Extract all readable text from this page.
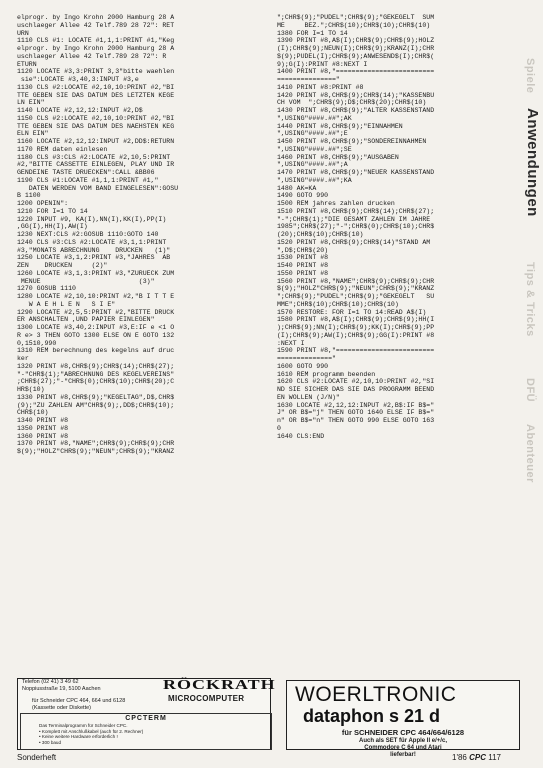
elprogr. by Ingo Krohn 2000 Hamburg 28 A
uschlaeger Allee 42 Telf.789 28 72": RET
URN
1110 CLS #1: LOCATE #1,1,1:PRINT #1,"Keg
elprogr. by Ingo Krohn 2000 Hamburg 28 A
uschlaeger Allee 42 Telf.789 28 72": R
ETURN
1120 LOCATE #3,3:PRINT 3,3"bitte waehlen
sie":LOCATE #3,40,3:INPUT #3,e
1130 CLS #2:LOCATE #2,10,10:PRINT #2,"BI
TTE GEBEN SIE DAS DATUM DES LETZTEN KEGE
LN EIN"
1140 LOCATE #2,12,12:INPUT #2,D$
1150 CLS #2:LOCATE #2,10,10:PRINT #2,"BI
TTE GEBEN SIE DAS DATUM DES NAEHSTEN KEG
ELN EIN"
1160 LOCATE #2,12,12:INPUT #2,DD$:RETURN
1170 REM daten einlesen
1180 CLS #3:CLS #2:LOCATE #2,10,5:PRINT
#2,"BITTE CASSETTE EINLEGEN, PLAY UND IR
GENDEINE TASTE DRUECKEN":CALL &BB06
1190 CLS #1:LOCATE #1,1,1:PRINT #1,"
DATEN WERDEN VOM BAND EINGELESEN":GOSU
B 1100
1200 OPENIN":
1210 FOR I=1 TO 14
1220 INPUT #9, KA(I),NN(I),KK(I),PP(I)
,GG(I),HH(I),AW(I)
1230 NEXT:CLS #2:GOSUB 1110:GOTO 140
1240 CLS #3:CLS #2:LOCATE #3,1,1:PRINT
#3,"MONATS ABRECHNUNG    DRUCKEN   (1)"
1250 LOCATE #3,1,2:PRINT #3,"JAHRES  AB
ZEN    DRUCKEN     (2)"
1260 LOCATE #3,1,3:PRINT #3,"ZURUECK ZUM
MENUE                         (3)"
1270 GOSUB 1110
1280 LOCATE #2,10,10:PRINT #2,"B I T T E
W A E H L E N   S I E"
1290 LOCATE #2,5,5:PRINT #2,"BITTE DRUCK
ER ANSCHALTEN ,UND PAPIER EINLEGEN"
1300 LOCATE #3,40,2:INPUT #3,E:IF e <1 O
R e> 3 THEN GOTO 1300 ELSE ON E GOTO 132
0,1510,990
1310 REM berechnung des kegelns auf druc
ker
1320 PRINT #8,CHR$(9);CHR$(14);CHR$(27);
"-"CHR$(1);"ABRECHNUNG DES KEGELVEREINS"
;CHR$(27);"-"CHR$(0);CHR$(10);CHR$(20);C
HR$(10)
1330 PRINT #8,CHR$(9);"KEGELTAG",D$,CHR$
(9);"ZU ZAHLEN AM"CHR$(9);,DD$;CHR$(10);
CHR$(10)
1340 PRINT #8
1350 PRINT #8
1360 PRINT #8
1370 PRINT #8,"NAME";CHR$(9);CHR$(9);CHR
$(9);"HOLZ"CHR$(9);"NEUN";CHR$(9);"KRANZ
";CHR$(9);"PUDEL";CHR$(9);"GEKEGELT  SUM
ME     BEZ.";CHR$(10);CHR$(10);CHR$(10)
1380 FOR I=1 TO 14
1390 PRINT #8,A$(I);CHR$(9);CHR$(9);HOLZ
(I);CHR$(9);NEUN(I);CHR$(9);KRANZ(I);CHR
$(9);PUDEL(I);CHR$(9);ANWESEND$(I);CHR$(
9);G(I):PRINT #8:NEXT I
1400 PRINT #8,"=========================
==============="
1410 PRINT #8:PRINT #8
1420 PRINT #8,CHR$(9);CHR$(14);"KASSENBU
CH VOM  ";CHR$(9);D$;CHR$(20);CHR$(10)
1430 PRINT #8,CHR$(9);"ALTER KASSENSTAND
",USING"####.##";AK
1440 PRINT #8,CHR$(9);"EINNAHMEN
",USING"####.##";E
1450 PRINT #8,CHR$(9);"SONDEREINNAHMEN
",USING"####.##";SE
1460 PRINT #8,CHR$(9);"AUSGABEN
",USING"####.##";A
1470 PRINT #8,CHR$(9);"NEUER KASSENSTAND
",USING"####.##";KA
1480 AK=KA
1490 GOTO 990
1500 REM jahres zahlen drucken
1510 PRINT #8,CHR$(9);CHR$(14);CHR$(27);
"-";CHR$(1);"DIE GESAMT ZAHLEN IM JAHRE
1985";CHR$(27);"-";CHR$(0);CHR$(10);CHR$
(20);CHR$(10);CHR$(10)
1520 PRINT #8,CHR$(9);CHR$(14)"STAND AM
",D$;CHR$(20)
1530 PRINT #8
1540 PRINT #8
1550 PRINT #8
1560 PRINT #8,"NAME";CHR$(9);CHR$(9);CHR
$(9);"HOLZ"CHR$(9);"NEUN";CHR$(9);"KRANZ
";CHR$(9);"PUDEL";CHR$(9);"GEKEGELT   SU
MME";CHR$(10);CHR$(10);CHR$(10)
1570 RESTORE: FOR I=1 TO 14:READ A$(I)
1580 PRINT #8,A$(I);CHR$(9);CHR$(9);HH(I
);CHR$(9);NN(I);CHR$(9);KK(I);CHR$(9);PP
(I);CHR$(9);AW(I);CHR$(9);GG(I):PRINT #8
:NEXT I
1590 PRINT #8,"=========================
=============="
1600 GOTO 990
1610 REM programm beenden
1620 CLS #2:LOCATE #2,10,10:PRINT #2,"SI
ND SIE SICHER DAS SIE DAS PROGRAMM BEEND
EN WOLLEN (J/N)"
1630 LOCATE #2,12,12:INPUT #2,B$:IF B$="
J" OR B$="j" THEN GOTO 1640 ELSE IF B$="
n" OR B$="n" THEN GOTO 990 ELSE GOTO 163
0
1640 CLS:END
Spiele
Anwendungen
Tips & Tricks
DFÜ
Abenteuer
Telefon (02 41) 3 49 62
Noppiusstraße 19, 5100 Aachen	RÖCKRATH
MICROCOMPUTER
für Schneider CPC 464, 664 und 6128
(Kassette oder Diskette)
CPCTERM
Das Terminalprogramm für Schneider CPC.
• Komplett mit Anschlußkabel (auch für 2. Rechner)
• Keine weitere Hardware erforderlich !
• 300 baud
WOERLTRONIC
dataphon s 21 d
für SCHNEIDER CPC 464/664/6128
Auch als SET für Apple II e/+/c,
Commodore C 64 und Atari
lieferbar!
Sonderheft	1'86 CPC 117
